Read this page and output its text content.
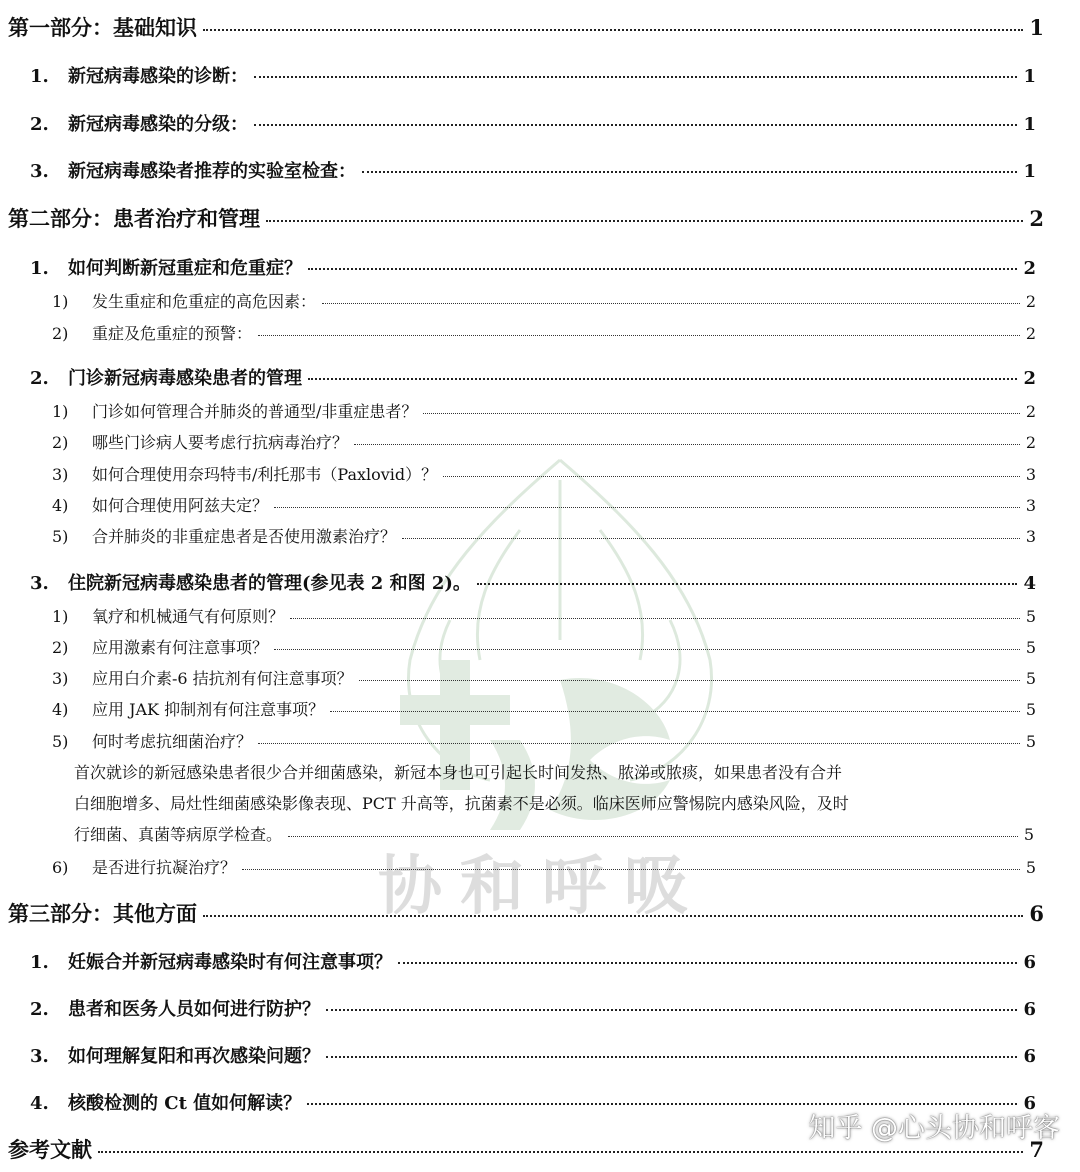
协和呼吸
第一部分：基础知识	1
1.	新冠病毒感染的诊断：	1
2.	新冠病毒感染的分级：	1
3.	新冠病毒感染者推荐的实验室检查：	1
第二部分：患者治疗和管理	2
1.	如何判断新冠重症和危重症？	2
1)	发生重症和危重症的高危因素：	2
2)	重症及危重症的预警：	2
2.	门诊新冠病毒感染患者的管理	2
1)	门诊如何管理合并肺炎的普通型/非重症患者？	2
2)	哪些门诊病人要考虑行抗病毒治疗？	2
3)	如何合理使用奈玛特韦/利托那韦（Paxlovid）？	3
4)	如何合理使用阿兹夫定？	3
5)	合并肺炎的非重症患者是否使用激素治疗？	3
3.	住院新冠病毒感染患者的管理(参见表 2 和图 2)。	4
1)	氧疗和机械通气有何原则？	5
2)	应用激素有何注意事项？	5
3)	应用白介素-6 拮抗剂有何注意事项？	5
4)	应用 JAK 抑制剂有何注意事项？	5
5)	何时考虑抗细菌治疗？	5
首次就诊的新冠感染患者很少合并细菌感染，新冠本身也可引起长时间发热、脓涕或脓痰，如果患者没有合并
白细胞增多、局灶性细菌感染影像表现、PCT 升高等，抗菌素不是必须。临床医师应警惕院内感染风险，及时
行细菌、真菌等病原学检查。	5
6)	是否进行抗凝治疗？	5
第三部分：其他方面	6
1.	妊娠合并新冠病毒感染时有何注意事项？	6
2.	患者和医务人员如何进行防护？	6
3.	如何理解复阳和再次感染问题？	6
4.	核酸检测的 Ct 值如何解读？	6
参考文献	7
知乎 @心头协和呼客
